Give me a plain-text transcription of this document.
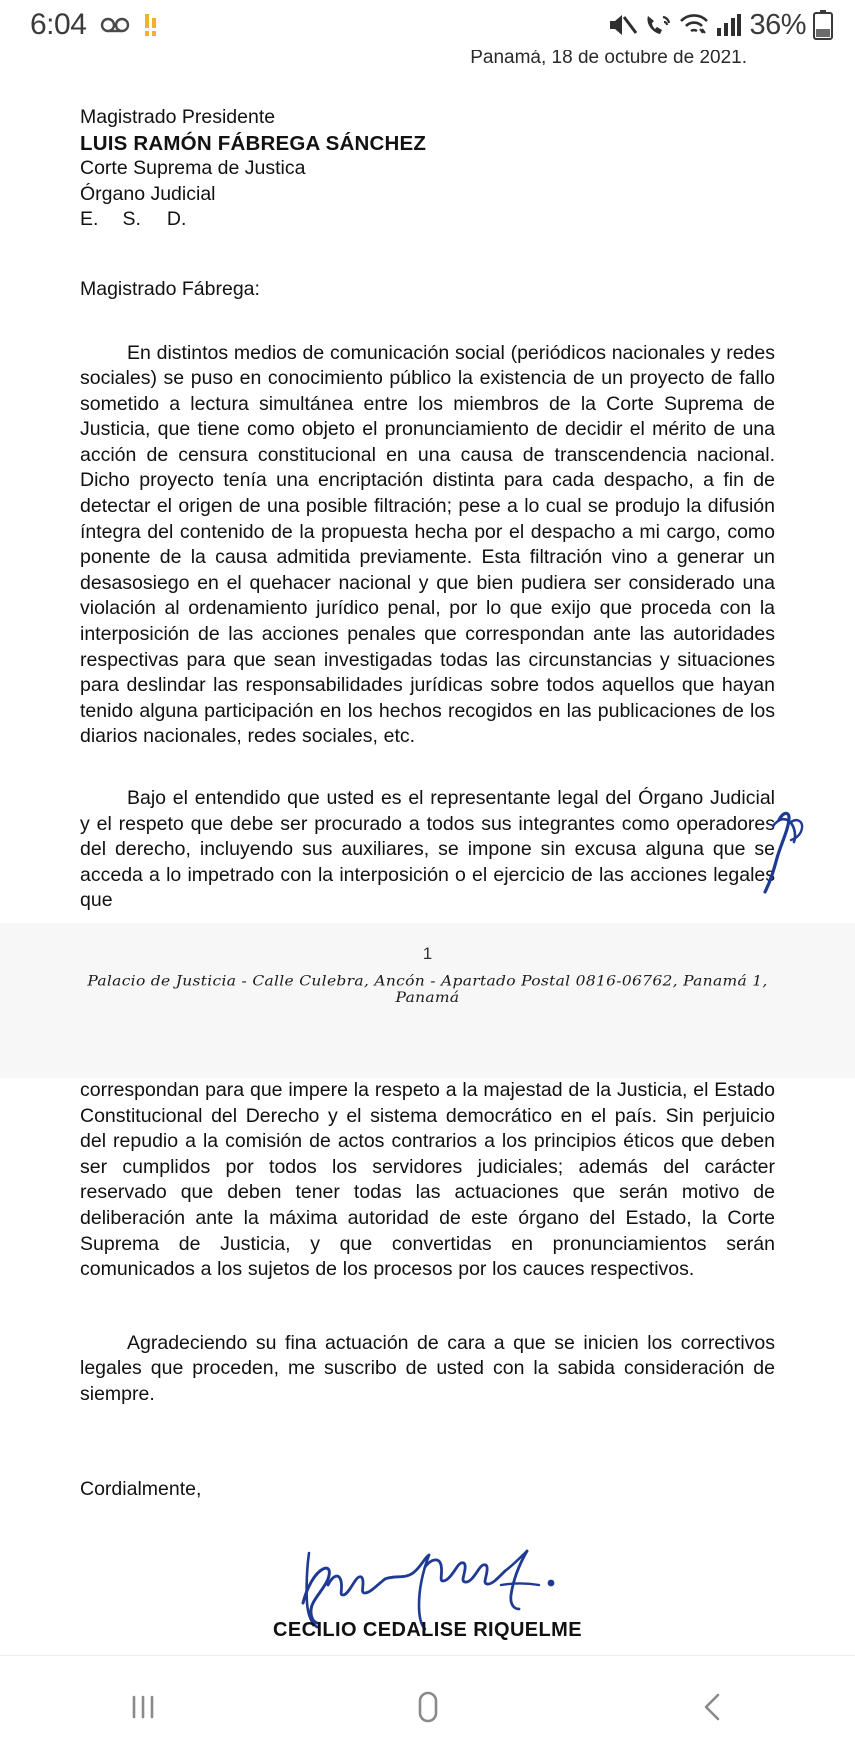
6:04	36%
Panamá, 18 de octubre de 2021.
Magistrado Presidente
LUIS RAMÓN FÁBREGA SÁNCHEZ
Corte Suprema de Justica
Órgano Judicial
E. S. D.
Magistrado Fábrega:

En distintos medios de comunicación social (periódicos nacionales y redes sociales) se puso en conocimiento público la existencia de un proyecto de fallo sometido a lectura simultánea entre los miembros de la Corte Suprema de Justicia, que tiene como objeto el pronunciamiento de decidir el mérito de una acción de censura constitucional en una causa de transcendencia nacional. Dicho proyecto tenía una encriptación distinta para cada despacho, a fin de detectar el origen de una posible filtración; pese a lo cual se produjo la difusión íntegra del contenido de la propuesta hecha por el despacho a mi cargo, como ponente de la causa admitida previamente. Esta filtración vino a generar un desasosiego en el quehacer nacional y que bien pudiera ser considerado una violación al ordenamiento jurídico penal, por lo que exijo que proceda con la interposición de las acciones penales que correspondan ante las autoridades respectivas para que sean investigadas todas las circunstancias y situaciones para deslindar las responsabilidades jurídicas sobre todos aquellos que hayan tenido alguna participación en los hechos recogidos en las publicaciones de los diarios nacionales, redes sociales, etc.

Bajo el entendido que usted es el representante legal del Órgano Judicial y el respeto que debe ser procurado a todos sus integrantes como operadores del derecho, incluyendo sus auxiliares, se impone sin excusa alguna que se acceda a lo impetrado con la interposición o el ejercicio de las acciones legales que

1
Palacio de Justicia - Calle Culebra, Ancón - Apartado Postal 0816-06762, Panamá 1, Panamá

correspondan para que impere la respeto a la majestad de la Justicia, el Estado Constitucional del Derecho y el sistema democrático en el país. Sin perjuicio del repudio a la comisión de actos contrarios a los principios éticos que deben ser cumplidos por todos los servidores judiciales; además del carácter reservado que deben tener todas las actuaciones que serán motivo de deliberación ante la máxima autoridad de este órgano del Estado, la Corte Suprema de Justicia, y que convertidas en pronunciamientos serán comunicados a los sujetos de los procesos por los cauces respectivos.

Agradeciendo su fina actuación de cara a que se inicien los correctivos legales que proceden, me suscribo de usted con la sabida consideración de siempre.

Cordialmente,
CECILIO CEDALISE RIQUELME
